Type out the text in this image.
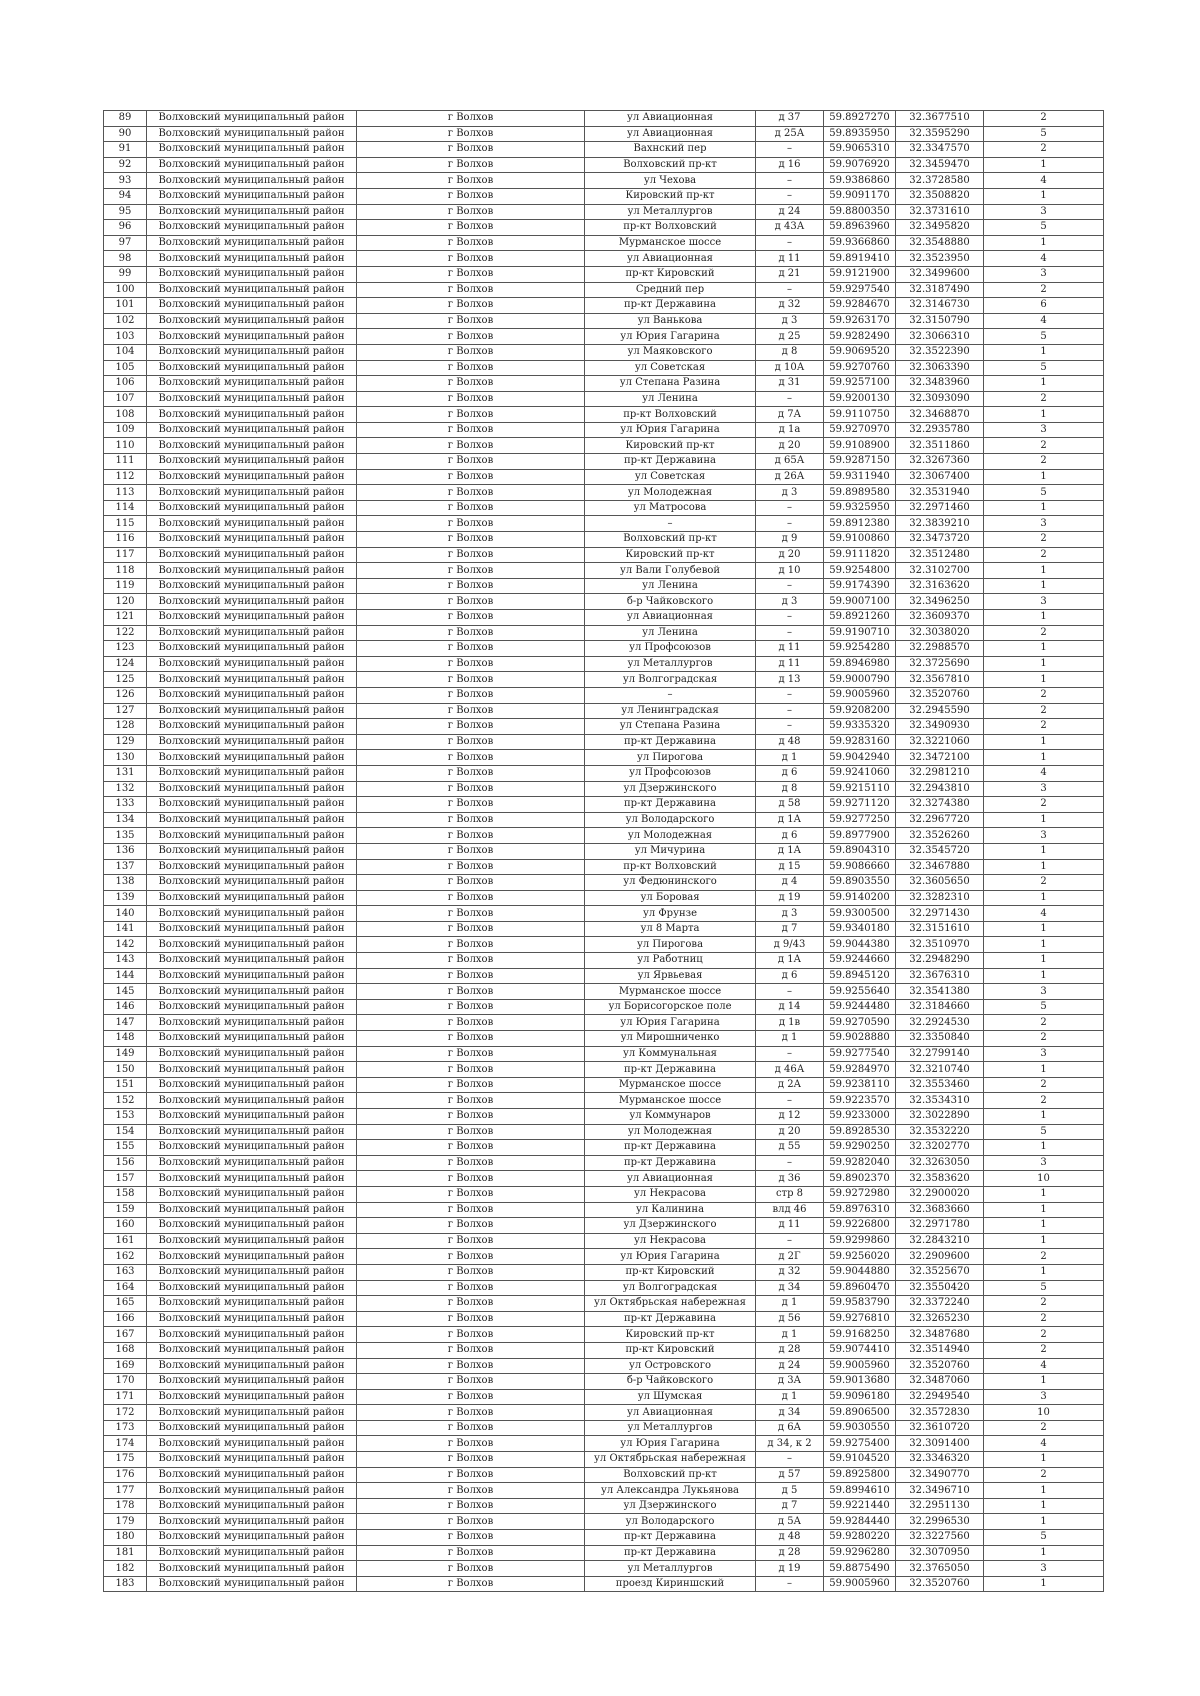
89	Волховский муниципальный район	г Волхов	ул Авиационная	д 37	59.8927270	32.3677510	2
90	Волховский муниципальный район	г Волхов	ул Авиационная	д 25А	59.8935950	32.3595290	5
91	Волховский муниципальный район	г Волхов	Вахнский пер	–	59.9065310	32.3347570	2
92	Волховский муниципальный район	г Волхов	Волховский пр-кт	д 16	59.9076920	32.3459470	1
93	Волховский муниципальный район	г Волхов	ул Чехова	–	59.9386860	32.3728580	4
94	Волховский муниципальный район	г Волхов	Кировский пр-кт	–	59.9091170	32.3508820	1
95	Волховский муниципальный район	г Волхов	ул Металлургов	д 24	59.8800350	32.3731610	3
96	Волховский муниципальный район	г Волхов	пр-кт Волховский	д 43А	59.8963960	32.3495820	5
97	Волховский муниципальный район	г Волхов	Мурманское шоссе	–	59.9366860	32.3548880	1
98	Волховский муниципальный район	г Волхов	ул Авиационная	д 11	59.8919410	32.3523950	4
99	Волховский муниципальный район	г Волхов	пр-кт Кировский	д 21	59.9121900	32.3499600	3
100	Волховский муниципальный район	г Волхов	Средний пер	–	59.9297540	32.3187490	2
101	Волховский муниципальный район	г Волхов	пр-кт Державина	д 32	59.9284670	32.3146730	6
102	Волховский муниципальный район	г Волхов	ул Ванькова	д 3	59.9263170	32.3150790	4
103	Волховский муниципальный район	г Волхов	ул Юрия Гагарина	д 25	59.9282490	32.3066310	5
104	Волховский муниципальный район	г Волхов	ул Маяковского	д 8	59.9069520	32.3522390	1
105	Волховский муниципальный район	г Волхов	ул Советская	д 10А	59.9270760	32.3063390	5
106	Волховский муниципальный район	г Волхов	ул Степана Разина	д 31	59.9257100	32.3483960	1
107	Волховский муниципальный район	г Волхов	ул Ленина	–	59.9200130	32.3093090	2
108	Волховский муниципальный район	г Волхов	пр-кт Волховский	д 7А	59.9110750	32.3468870	1
109	Волховский муниципальный район	г Волхов	ул Юрия Гагарина	д 1а	59.9270970	32.2935780	3
110	Волховский муниципальный район	г Волхов	Кировский пр-кт	д 20	59.9108900	32.3511860	2
111	Волховский муниципальный район	г Волхов	пр-кт Державина	д 65А	59.9287150	32.3267360	2
112	Волховский муниципальный район	г Волхов	ул Советская	д 26А	59.9311940	32.3067400	1
113	Волховский муниципальный район	г Волхов	ул Молодежная	д 3	59.8989580	32.3531940	5
114	Волховский муниципальный район	г Волхов	ул Матросова	–	59.9325950	32.2971460	1
115	Волховский муниципальный район	г Волхов	–	–	59.8912380	32.3839210	3
116	Волховский муниципальный район	г Волхов	Волховский пр-кт	д 9	59.9100860	32.3473720	2
117	Волховский муниципальный район	г Волхов	Кировский пр-кт	д 20	59.9111820	32.3512480	2
118	Волховский муниципальный район	г Волхов	ул Вали Голубевой	д 10	59.9254800	32.3102700	1
119	Волховский муниципальный район	г Волхов	ул Ленина	–	59.9174390	32.3163620	1
120	Волховский муниципальный район	г Волхов	б-р Чайковского	д 3	59.9007100	32.3496250	3
121	Волховский муниципальный район	г Волхов	ул Авиационная	–	59.8921260	32.3609370	1
122	Волховский муниципальный район	г Волхов	ул Ленина	–	59.9190710	32.3038020	2
123	Волховский муниципальный район	г Волхов	ул Профсоюзов	д 11	59.9254280	32.2988570	1
124	Волховский муниципальный район	г Волхов	ул Металлургов	д 11	59.8946980	32.3725690	1
125	Волховский муниципальный район	г Волхов	ул Волгоградская	д 13	59.9000790	32.3567810	1
126	Волховский муниципальный район	г Волхов	–	–	59.9005960	32.3520760	2
127	Волховский муниципальный район	г Волхов	ул Ленинградская	–	59.9208200	32.2945590	2
128	Волховский муниципальный район	г Волхов	ул Степана Разина	–	59.9335320	32.3490930	2
129	Волховский муниципальный район	г Волхов	пр-кт Державина	д 48	59.9283160	32.3221060	1
130	Волховский муниципальный район	г Волхов	ул Пирогова	д 1	59.9042940	32.3472100	1
131	Волховский муниципальный район	г Волхов	ул Профсоюзов	д 6	59.9241060	32.2981210	4
132	Волховский муниципальный район	г Волхов	ул Дзержинского	д 8	59.9215110	32.2943810	3
133	Волховский муниципальный район	г Волхов	пр-кт Державина	д 58	59.9271120	32.3274380	2
134	Волховский муниципальный район	г Волхов	ул Володарского	д 1А	59.9277250	32.2967720	1
135	Волховский муниципальный район	г Волхов	ул Молодежная	д 6	59.8977900	32.3526260	3
136	Волховский муниципальный район	г Волхов	ул Мичурина	д 1А	59.8904310	32.3545720	1
137	Волховский муниципальный район	г Волхов	пр-кт Волховский	д 15	59.9086660	32.3467880	1
138	Волховский муниципальный район	г Волхов	ул Федюнинского	д 4	59.8903550	32.3605650	2
139	Волховский муниципальный район	г Волхов	ул Боровая	д 19	59.9140200	32.3282310	1
140	Волховский муниципальный район	г Волхов	ул Фрунзе	д 3	59.9300500	32.2971430	4
141	Волховский муниципальный район	г Волхов	ул 8 Марта	д 7	59.9340180	32.3151610	1
142	Волховский муниципальный район	г Волхов	ул Пирогова	д 9/43	59.9044380	32.3510970	1
143	Волховский муниципальный район	г Волхов	ул Работниц	д 1А	59.9244660	32.2948290	1
144	Волховский муниципальный район	г Волхов	ул Ярвьевая	д 6	59.8945120	32.3676310	1
145	Волховский муниципальный район	г Волхов	Мурманское шоссе	–	59.9255640	32.3541380	3
146	Волховский муниципальный район	г Волхов	ул Борисогорское поле	д 14	59.9244480	32.3184660	5
147	Волховский муниципальный район	г Волхов	ул Юрия Гагарина	д 1в	59.9270590	32.2924530	2
148	Волховский муниципальный район	г Волхов	ул Мирошниченко	д 1	59.9028880	32.3350840	2
149	Волховский муниципальный район	г Волхов	ул Коммунальная	–	59.9277540	32.2799140	3
150	Волховский муниципальный район	г Волхов	пр-кт Державина	д 46А	59.9284970	32.3210740	1
151	Волховский муниципальный район	г Волхов	Мурманское шоссе	д 2А	59.9238110	32.3553460	2
152	Волховский муниципальный район	г Волхов	Мурманское шоссе	–	59.9223570	32.3534310	2
153	Волховский муниципальный район	г Волхов	ул Коммунаров	д 12	59.9233000	32.3022890	1
154	Волховский муниципальный район	г Волхов	ул Молодежная	д 20	59.8928530	32.3532220	5
155	Волховский муниципальный район	г Волхов	пр-кт Державина	д 55	59.9290250	32.3202770	1
156	Волховский муниципальный район	г Волхов	пр-кт Державина	–	59.9282040	32.3263050	3
157	Волховский муниципальный район	г Волхов	ул Авиационная	д 36	59.8902370	32.3583620	10
158	Волховский муниципальный район	г Волхов	ул Некрасова	стр 8	59.9272980	32.2900020	1
159	Волховский муниципальный район	г Волхов	ул Калинина	влд 46	59.8976310	32.3683660	1
160	Волховский муниципальный район	г Волхов	ул Дзержинского	д 11	59.9226800	32.2971780	1
161	Волховский муниципальный район	г Волхов	ул Некрасова	–	59.9299860	32.2843210	1
162	Волховский муниципальный район	г Волхов	ул Юрия Гагарина	д 2Г	59.9256020	32.2909600	2
163	Волховский муниципальный район	г Волхов	пр-кт Кировский	д 32	59.9044880	32.3525670	1
164	Волховский муниципальный район	г Волхов	ул Волгоградская	д 34	59.8960470	32.3550420	5
165	Волховский муниципальный район	г Волхов	ул Октябрьская набережная	д 1	59.9583790	32.3372240	2
166	Волховский муниципальный район	г Волхов	пр-кт Державина	д 56	59.9276810	32.3265230	2
167	Волховский муниципальный район	г Волхов	Кировский пр-кт	д 1	59.9168250	32.3487680	2
168	Волховский муниципальный район	г Волхов	пр-кт Кировский	д 28	59.9074410	32.3514940	2
169	Волховский муниципальный район	г Волхов	ул Островского	д 24	59.9005960	32.3520760	4
170	Волховский муниципальный район	г Волхов	б-р Чайковского	д 3А	59.9013680	32.3487060	1
171	Волховский муниципальный район	г Волхов	ул Шумская	д 1	59.9096180	32.2949540	3
172	Волховский муниципальный район	г Волхов	ул Авиационная	д 34	59.8906500	32.3572830	10
173	Волховский муниципальный район	г Волхов	ул Металлургов	д 6А	59.9030550	32.3610720	2
174	Волховский муниципальный район	г Волхов	ул Юрия Гагарина	д 34, к 2	59.9275400	32.3091400	4
175	Волховский муниципальный район	г Волхов	ул Октябрьская набережная	–	59.9104520	32.3346320	1
176	Волховский муниципальный район	г Волхов	Волховский пр-кт	д 57	59.8925800	32.3490770	2
177	Волховский муниципальный район	г Волхов	ул Александра Лукьянова	д 5	59.8994610	32.3496710	1
178	Волховский муниципальный район	г Волхов	ул Дзержинского	д 7	59.9221440	32.2951130	1
179	Волховский муниципальный район	г Волхов	ул Володарского	д 5А	59.9284440	32.2996530	1
180	Волховский муниципальный район	г Волхов	пр-кт Державина	д 48	59.9280220	32.3227560	5
181	Волховский муниципальный район	г Волхов	пр-кт Державина	д 28	59.9296280	32.3070950	1
182	Волховский муниципальный район	г Волхов	ул Металлургов	д 19	59.8875490	32.3765050	3
183	Волховский муниципальный район	г Волхов	проезд Кириншский	–	59.9005960	32.3520760	1
